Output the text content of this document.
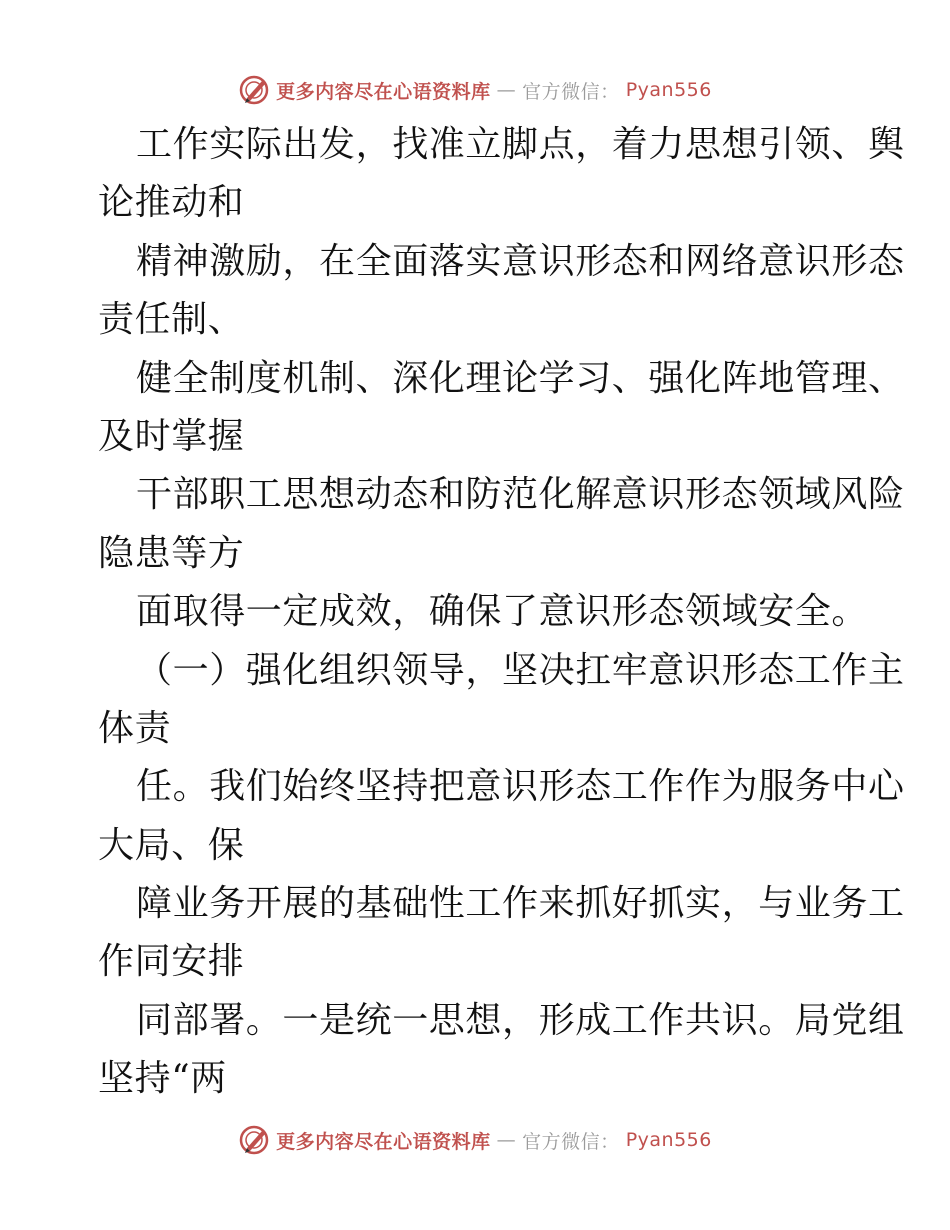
更多内容尽在心语资料库 — 官方微信： Pyan556
工作实际出发，找准立脚点，着力思想引领、舆
论推动和
精神激励，在全面落实意识形态和网络意识形态
责任制、
健全制度机制、深化理论学习、强化阵地管理、
及时掌握
干部职工思想动态和防范化解意识形态领域风险
隐患等方
面取得一定成效，确保了意识形态领域安全。
（一）强化组织领导，坚决扛牢意识形态工作主
体责
任。我们始终坚持把意识形态工作作为服务中心
大局、保
障业务开展的基础性工作来抓好抓实，与业务工
作同安排
同部署。一是统一思想，形成工作共识。局党组
坚持“两
更多内容尽在心语资料库 — 官方微信： Pyan556
